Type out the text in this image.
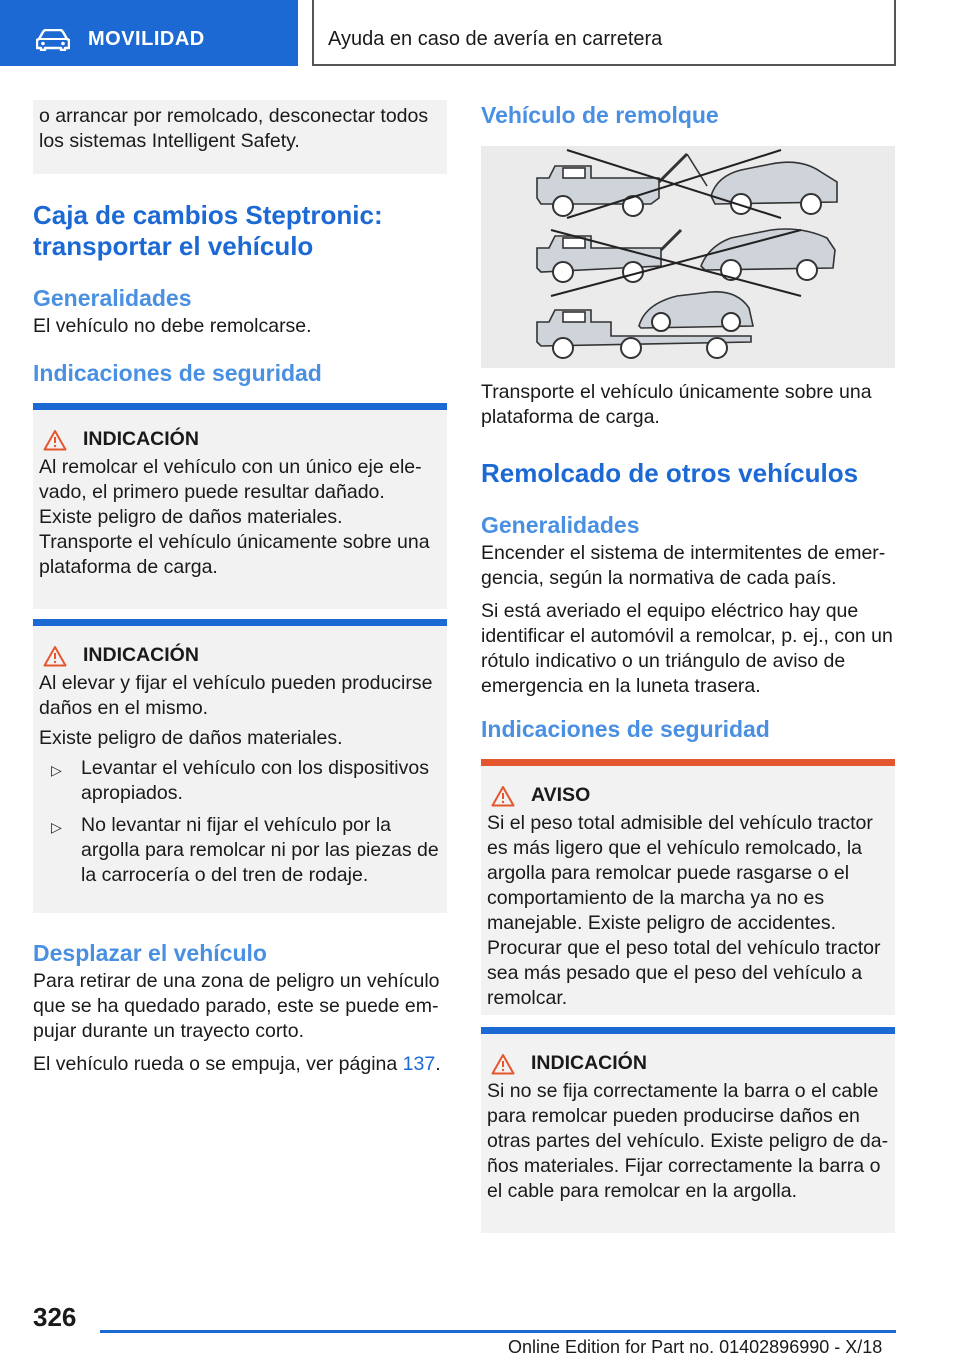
MOVILIDAD	Ayuda en caso de avería en carretera
o arrancar por remolcado, desconectar todos los sistemas Intelligent Safety.
Caja de cambios Steptronic: transportar el vehículo
Generalidades
El vehículo no debe remolcarse.
Indicaciones de seguridad
INDICACIÓN
Al remolcar el vehículo con un único eje elevado, el primero puede resultar dañado. Existe peligro de daños materiales. Transporte el vehículo únicamente sobre una plataforma de carga.
INDICACIÓN
Al elevar y fijar el vehículo pueden producirse daños en el mismo.
Existe peligro de daños materiales.
▷ Levantar el vehículo con los dispositivos apropiados.
▷ No levantar ni fijar el vehículo por la argolla para remolcar ni por las piezas de la carrocería o del tren de rodaje.
Desplazar el vehículo
Para retirar de una zona de peligro un vehículo que se ha quedado parado, este se puede empujar durante un trayecto corto.
El vehículo rueda o se empuja, ver página 137.
Vehículo de remolque
Transporte el vehículo únicamente sobre una plataforma de carga.
Remolcado de otros vehículos
Generalidades
Encender el sistema de intermitentes de emergencia, según la normativa de cada país.
Si está averiado el equipo eléctrico hay que identificar el automóvil a remolcar, p. ej., con un rótulo indicativo o un triángulo de aviso de emergencia en la luneta trasera.
Indicaciones de seguridad
AVISO
Si el peso total admisible del vehículo tractor es más ligero que el vehículo remolcado, la argolla para remolcar puede rasgarse o el comportamiento de la marcha ya no es manejable. Existe peligro de accidentes. Procurar que el peso total del vehículo tractor sea más pesado que el peso del vehículo a remolcar.
INDICACIÓN
Si no se fija correctamente la barra o el cable para remolcar pueden producirse daños en otras partes del vehículo. Existe peligro de daños materiales. Fijar correctamente la barra o el cable para remolcar en la argolla.
326
Online Edition for Part no. 01402896990 - X/18
